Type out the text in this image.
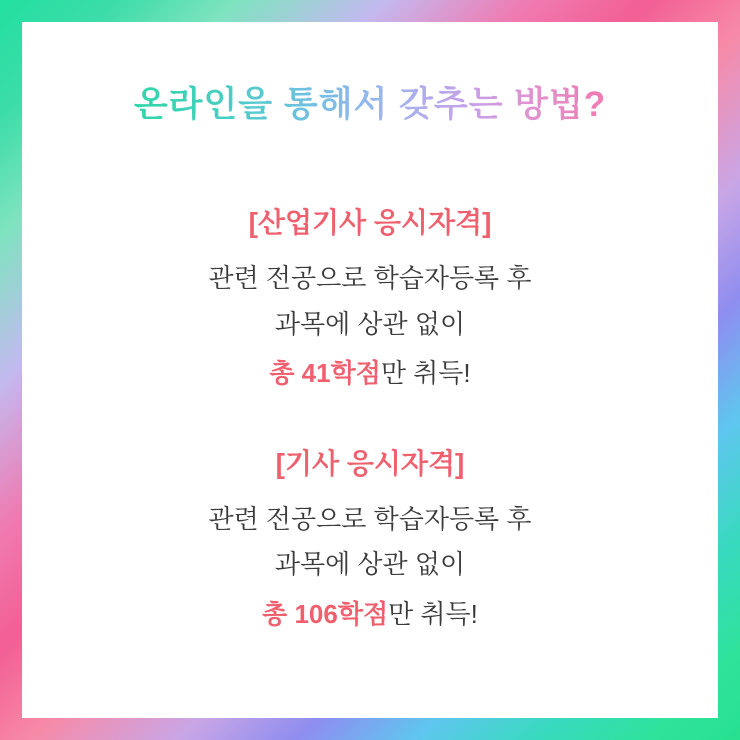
온라인을 통해서 갖추는 방법?
[산업기사 응시자격]
관련 전공으로 학습자등록 후
과목에 상관 없이
총 41학점만 취득!
[기사 응시자격]
관련 전공으로 학습자등록 후
과목에 상관 없이
총 106학점만 취득!
